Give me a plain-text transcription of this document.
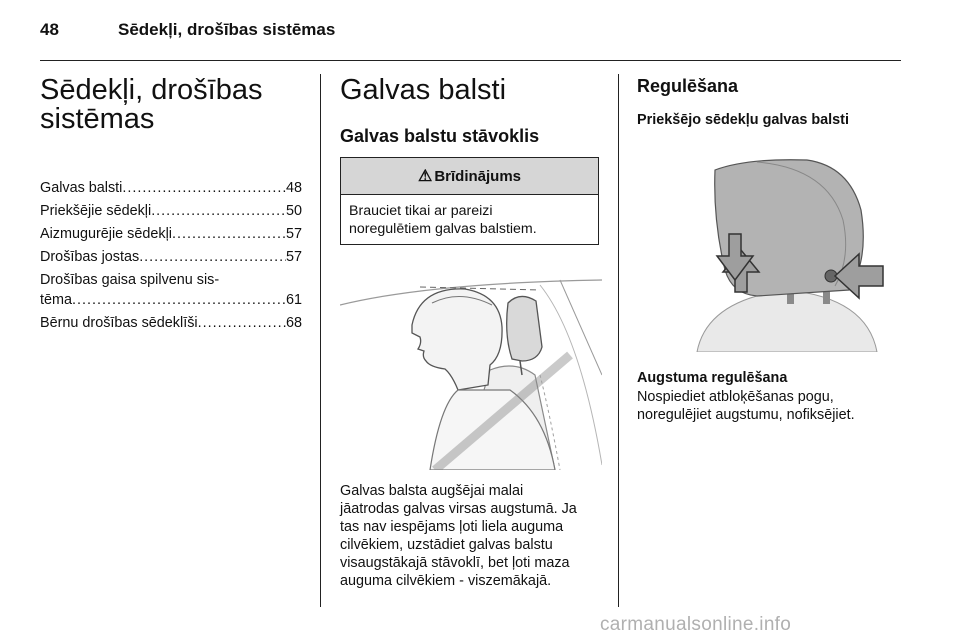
48	Sēdekļi, drošības sistēmas
Sēdekļi, drošības
sistēmas
Galvas balsti .....	48
Priekšējie sēdekļi .....	50
Aizmugurējie sēdekļi .....	57
Drošības jostas .....	57
Drošības gaisa spilvenu sis-
tēma .....	61
Bērnu drošības sēdeklīši .....	68
Galvas balsti
Galvas balstu stāvoklis
⚠ Brīdinājums
Brauciet tikai ar pareizi
noregulētiem galvas balstiem.

Galvas balsta augšējai malai
jāatrodas galvas virsas augstumā. Ja
tas nav iespējams ļoti liela auguma
cilvēkiem, uzstādiet galvas balstu
visaugstākajā stāvoklī, bet ļoti maza
auguma cilvēkiem - viszemākajā.

Regulēšana
Priekšējo sēdekļu galvas balsti
Augstuma regulēšana

Nospiediet atbloķēšanas pogu,
noregulējiet augstumu, nofiksējiet.

carmanualsonline.info
